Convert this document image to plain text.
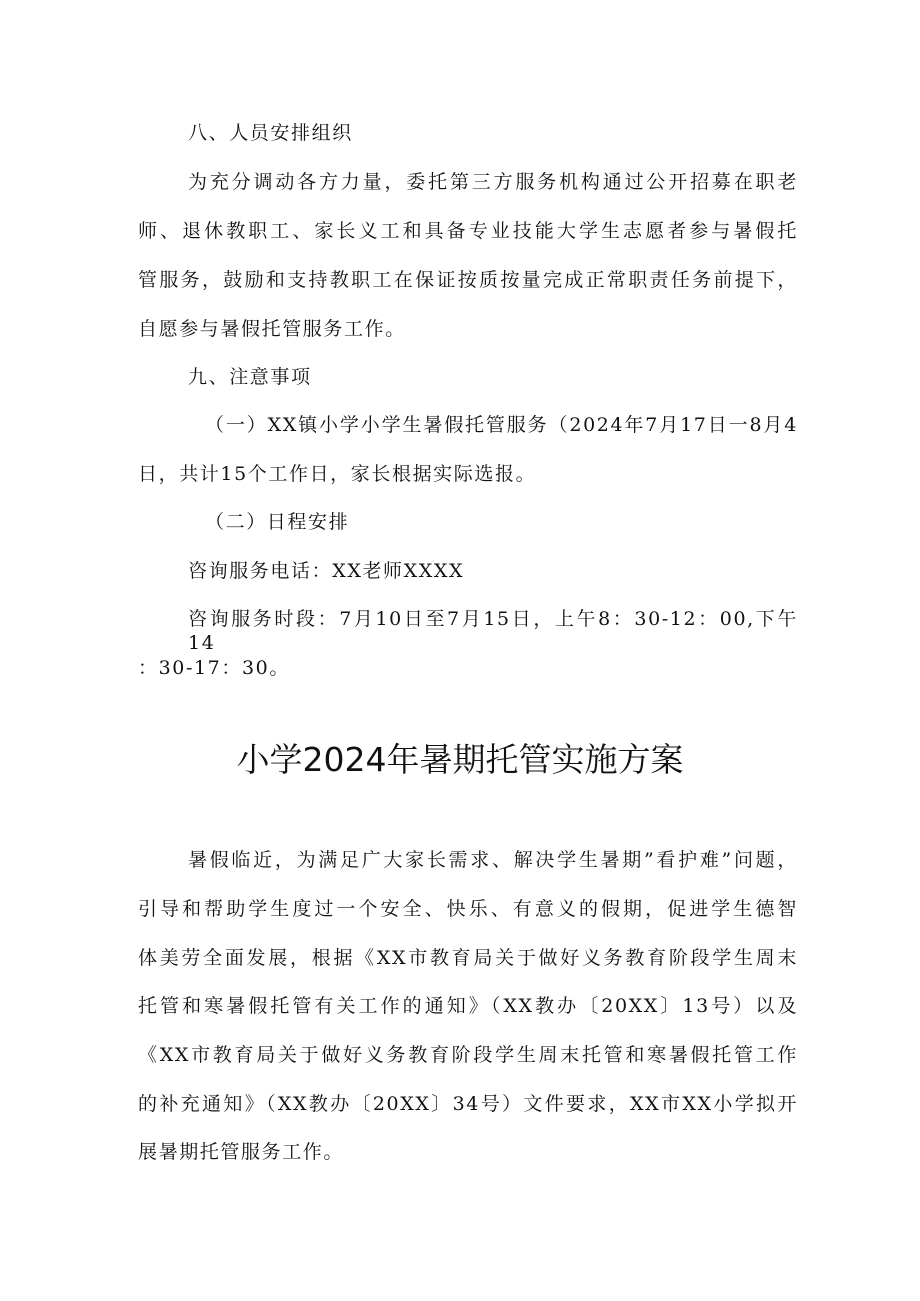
八、人员安排组织
为充分调动各方力量，委托第三方服务机构通过公开招募在职老
师、退休教职工、家长义工和具备专业技能大学生志愿者参与暑假托
管服务，鼓励和支持教职工在保证按质按量完成正常职责任务前提下，
自愿参与暑假托管服务工作。
九、注意事项
（一）XX镇小学小学生暑假托管服务（2024年7月17日一8月4
日，共计15个工作日，家长根据实际选报。
（二）日程安排
咨询服务电话：XX老师XXXX
咨询服务时段：7月10日至7月15日，上午8：30-12：00,下午14
：30-17：30。
小学2024年暑期托管实施方案
暑假临近，为满足广大家长需求、解决学生暑期”看护难”问题，
引导和帮助学生度过一个安全、快乐、有意义的假期，促进学生德智
体美劳全面发展，根据《XX市教育局关于做好义务教育阶段学生周末
托管和寒暑假托管有关工作的通知》（XX教办〔20XX〕13号）以及
《XX市教育局关于做好义务教育阶段学生周末托管和寒暑假托管工作
的补充通知》（XX教办〔20XX〕34号）文件要求，XX市XX小学拟开
展暑期托管服务工作。
